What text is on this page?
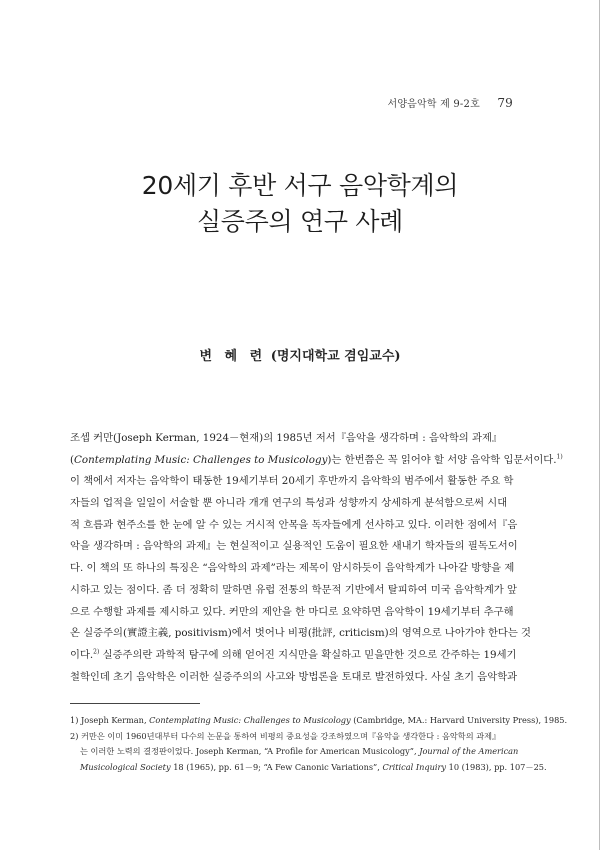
서양음악학 제 9-2호 79
20세기 후반 서구 음악학계의
실증주의 연구 사례
변 혜 련 (명지대학교 겸임교수)
조셉 커만(Joseph Kerman, 1924－현재)의 1985년 저서『음악을 생각하며 : 음악학의 과제』
(Contemplating Music: Challenges to Musicology)는 한번쯤은 꼭 읽어야 할 서양 음악학 입문서이다.$^{1)}$
이 책에서 저자는 음악학이 태동한 19세기부터 20세기 후반까지 음악학의 범주에서 활동한 주요 학
자들의 업적을 일일이 서술할 뿐 아니라 개개 연구의 특성과 성향까지 상세하게 분석함으로써 시대
적 흐름과 현주소를 한 눈에 알 수 있는 거시적 안목을 독자들에게 선사하고 있다. 이러한 점에서『음
악을 생각하며 : 음악학의 과제』는 현실적이고 실용적인 도움이 필요한 새내기 학자들의 필독도서이
다. 이 책의 또 하나의 특징은 “음악학의 과제”라는 제목이 암시하듯이 음악학계가 나아갈 방향을 제
시하고 있는 점이다. 좀 더 정확히 말하면 유럽 전통의 학문적 기반에서 탈피하여 미국 음악학계가 앞
으로 수행할 과제를 제시하고 있다. 커만의 제안을 한 마디로 요약하면 음악학이 19세기부터 추구해
온 실증주의(實證主義, positivism)에서 벗어나 비평(批評, criticism)의 영역으로 나아가야 한다는 것
이다.$^{2)}$ 실증주의란 과학적 탐구에 의해 얻어진 지식만을 확실하고 믿을만한 것으로 간주하는 19세기
철학인데 초기 음악학은 이러한 실증주의의 사고와 방법론을 토대로 발전하였다. 사실 초기 음악학과
1) Joseph Kerman, Contemplating Music: Challenges to Musicology (Cambridge, MA.: Harvard University Press), 1985.
2) 커만은 이미 1960년대부터 다수의 논문을 통하여 비평의 중요성을 강조하였으며『음악을 생각한다 : 음악학의 과제』
는 이러한 노력의 결정판이었다. Joseph Kerman, “A Profile for American Musicology”, Journal of the American
Musicological Society 18 (1965), pp. 61－9; “A Few Canonic Variations”, Critical Inquiry 10 (1983), pp. 107－25.
